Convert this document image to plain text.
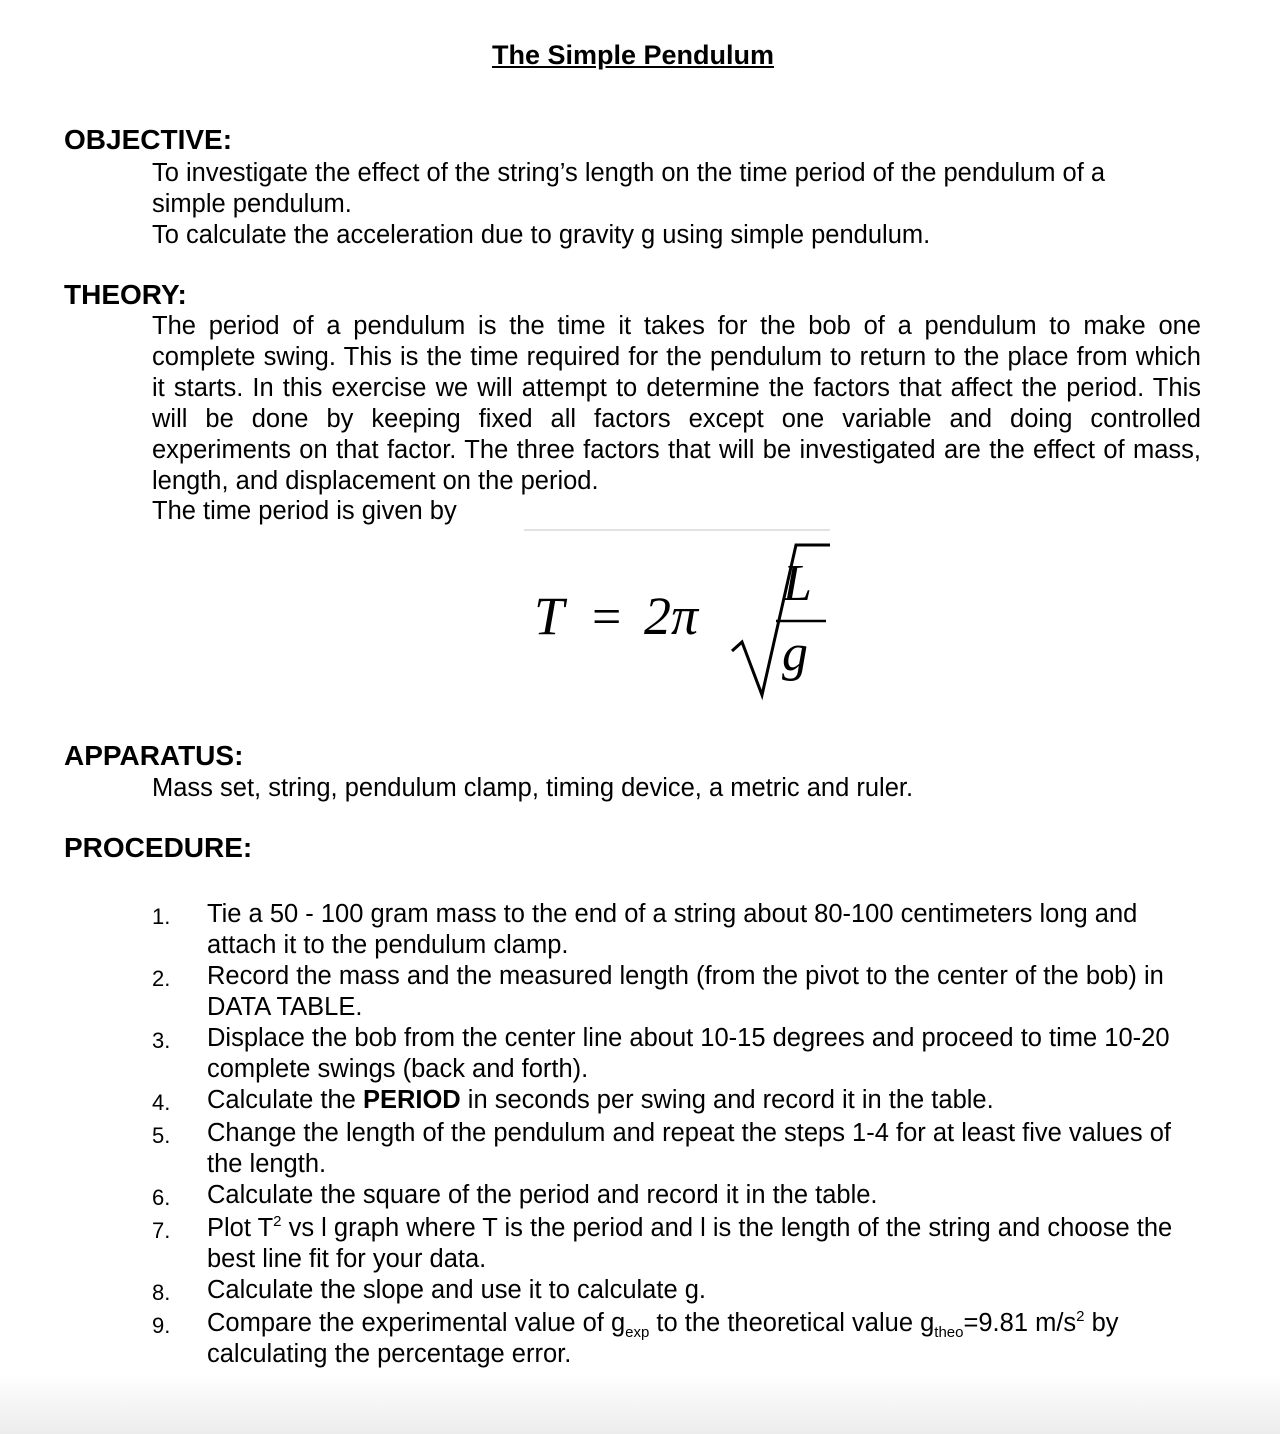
The Simple Pendulum
OBJECTIVE:
To investigate the effect of the string’s length on the time period of the pendulum of a
simple pendulum.
To calculate the acceleration due to gravity g using simple pendulum.
THEORY:
The period of a pendulum is the time it takes for the bob of a pendulum to make one complete swing. This is the time required for the pendulum to return to the place from which it starts. In this exercise we will attempt to determine the factors that affect the period. This will be done by keeping fixed all factors except one variable and doing controlled experiments on that factor. The three factors that will be investigated are the effect of mass, length, and displacement on the period.
The time period is given by
T = 2π
L
g
APPARATUS:
Mass set, string, pendulum clamp, timing device, a metric and ruler.
PROCEDURE:
1.	Tie a 50 - 100 gram mass to the end of a string about 80-100 centimeters long and attach it to the pendulum clamp.
2.	Record the mass and the measured length (from the pivot to the center of the bob) in DATA TABLE.
3.	Displace the bob from the center line about 10-15 degrees and proceed to time 10-20 complete swings (back and forth).
4.	Calculate the PERIOD in seconds per swing and record it in the table.
5.	Change the length of the pendulum and repeat the steps 1-4 for at least five values of the length.
6.	Calculate the square of the period and record it in the table.
7.	Plot $T^2$ vs l graph where T is the period and l is the length of the string and choose the best line fit for your data.
8.	Calculate the slope and use it to calculate g.
9.	Compare the experimental value of $g_{exp}$ to the theoretical value $g_{theo}=9.81$ $m/s^2$ by calculating the percentage error.
